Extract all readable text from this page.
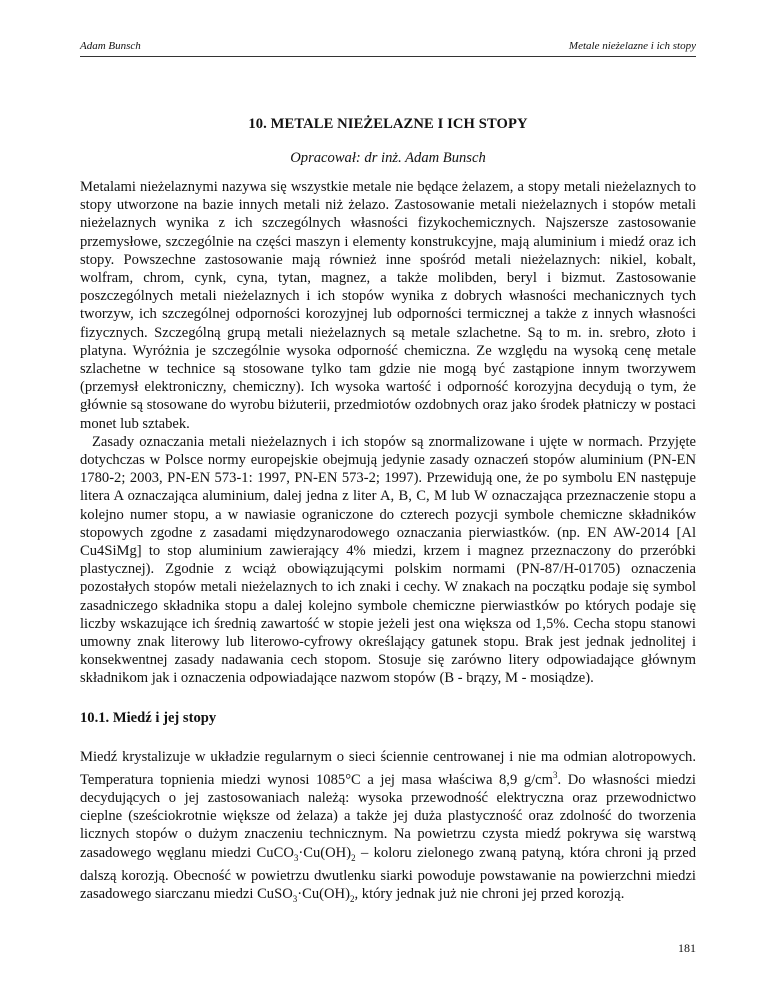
Adam Bunsch	Metale nieżelazne i ich stopy
10. METALE NIEŻELAZNE I ICH STOPY
Opracował: dr inż. Adam Bunsch

Metalami nieżelaznymi nazywa się wszystkie metale nie będące żelazem, a stopy metali nieżelaznych to stopy utworzone na bazie innych metali niż żelazo. Zastosowanie metali nieżelaznych i stopów metali nieżelaznych wynika z ich szczególnych własności fizykochemicznych. Najszersze zastosowanie przemysłowe, szczególnie na części maszyn i elementy konstrukcyjne, mają aluminium i miedź oraz ich stopy. Powszechne zastosowanie mają również inne spośród metali nieżelaznych: nikiel, kobalt, wolfram, chrom, cynk, cyna, tytan, magnez, a także molibden, beryl i bizmut. Zastosowanie poszczególnych metali nieżelaznych i ich stopów wynika z dobrych własności mechanicznych tych tworzyw, ich szczególnej odporności korozyjnej lub odporności termicznej a także z innych własności fizycznych. Szczególną grupą metali nieżelaznych są metale szlachetne. Są to m. in. srebro, złoto i platyna. Wyróżnia je szczególnie wysoka odporność chemiczna. Ze względu na wysoką cenę metale szlachetne w technice są stosowane tylko tam gdzie nie mogą być zastąpione innym tworzywem (przemysł elektroniczny, chemiczny). Ich wysoka wartość i odporność korozyjna decydują o tym, że głównie są stosowane do wyrobu biżuterii, przedmiotów ozdobnych oraz jako środek płatniczy w postaci monet lub sztabek.

Zasady oznaczania metali nieżelaznych i ich stopów są znormalizowane i ujęte w normach. Przyjęte dotychczas w Polsce normy europejskie obejmują jedynie zasady oznaczeń stopów aluminium (PN-EN 1780-2; 2003, PN-EN 573-1: 1997, PN-EN 573-2; 1997). Przewidują one, że po symbolu EN następuje litera A oznaczająca aluminium, dalej jedna z liter A, B, C, M lub W oznaczająca przeznaczenie stopu a kolejno numer stopu, a w nawiasie ograniczone do czterech pozycji symbole chemiczne składników stopowych zgodne z zasadami międzynarodowego oznaczania pierwiastków. (np. EN AW-2014 [Al Cu4SiMg] to stop aluminium zawierający 4% miedzi, krzem i magnez przeznaczony do przeróbki plastycznej). Zgodnie z wciąż obowiązującymi polskim normami (PN-87/H-01705) oznaczenia pozostałych stopów metali nieżelaznych to ich znaki i cechy. W znakach na początku podaje się symbol zasadniczego składnika stopu a dalej kolejno symbole chemiczne pierwiastków po których podaje się liczby wskazujące ich średnią zawartość w stopie jeżeli jest ona większa od 1,5%. Cecha stopu stanowi umowny znak literowy lub literowo-cyfrowy określający gatunek stopu. Brak jest jednak jednolitej i konsekwentnej zasady nadawania cech stopom. Stosuje się zarówno litery odpowiadające głównym składnikom jak i oznaczenia odpowiadające nazwom stopów (B - brązy, M - mosiądze).

10.1. Miedź i jej stopy

Miedź krystalizuje w układzie regularnym o sieci ściennie centrowanej i nie ma odmian alotropowych. Temperatura topnienia miedzi wynosi 1085°C a jej masa właściwa 8,9 $g/cm^3$. Do własności miedzi decydujących o jej zastosowaniach należą: wysoka przewodność elektryczna oraz przewodnictwo cieplne (sześciokrotnie większe od żelaza) a także jej duża plastyczność oraz zdolność do tworzenia licznych stopów o dużym znaczeniu technicznym. Na powietrzu czysta miedź pokrywa się warstwą zasadowego węglanu miedzi $CuCO_3\cdot Cu(OH)_2$ – koloru zielonego zwaną patyną, która chroni ją przed dalszą korozją. Obecność w powietrzu dwutlenku siarki powoduje powstawanie na powierzchni miedzi zasadowego siarczanu miedzi $CuSO_3\cdot Cu(OH)_2$, który jednak już nie chroni jej przed korozją.

181
